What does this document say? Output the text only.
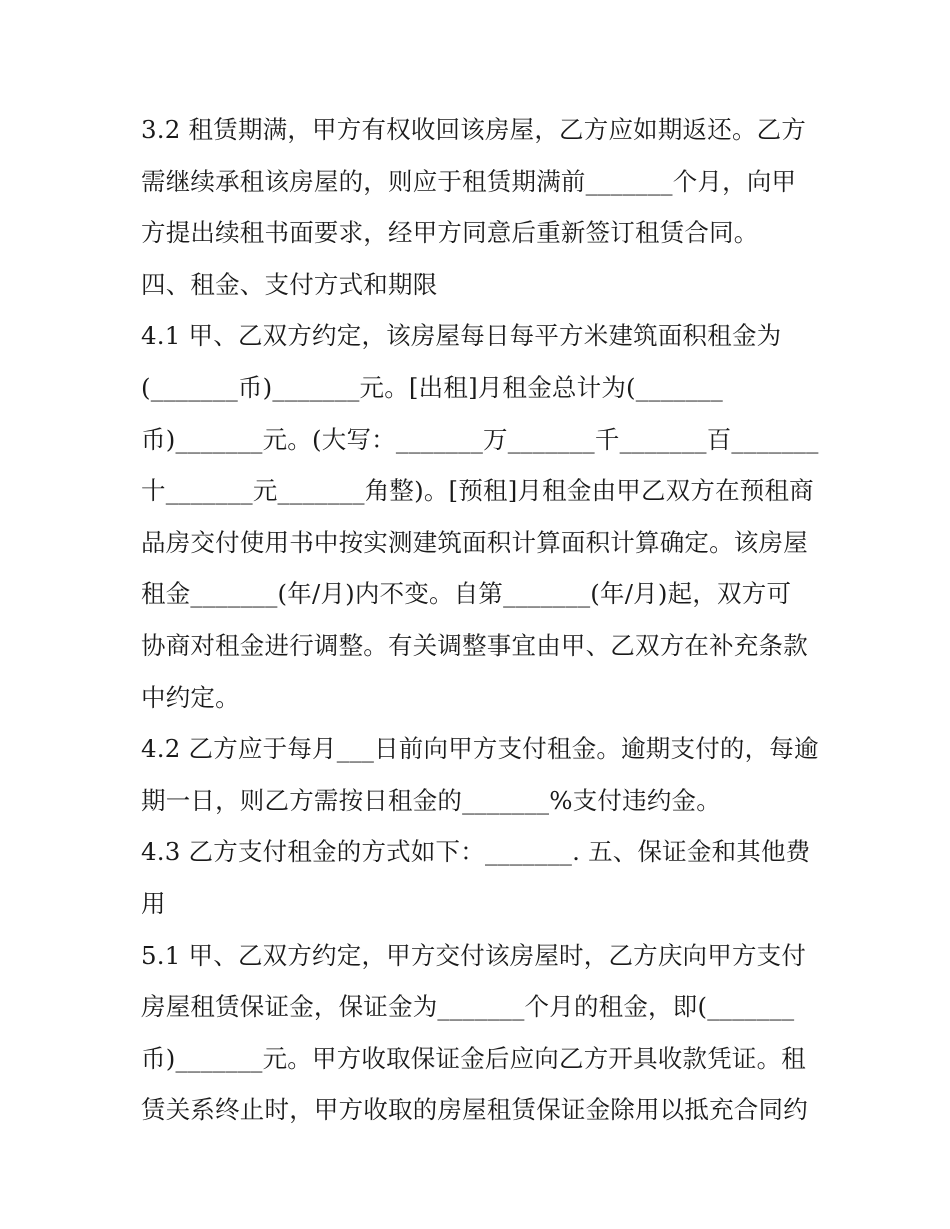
3.2 租赁期满，甲方有权收回该房屋，乙方应如期返还。乙方
需继续承租该房屋的，则应于租赁期满前_______个月，向甲
方提出续租书面要求，经甲方同意后重新签订租赁合同。
四、租金、支付方式和期限
4.1 甲、乙双方约定，该房屋每日每平方米建筑面积租金为
(_______币)_______元。[出租]月租金总计为(_______
币)_______元。(大写：_______万_______千_______百_______
十_______元_______角整)。[预租]月租金由甲乙双方在预租商
品房交付使用书中按实测建筑面积计算面积计算确定。该房屋
租金_______(年/月)内不变。自第_______(年/月)起，双方可
协商对租金进行调整。有关调整事宜由甲、乙双方在补充条款
中约定。
4.2 乙方应于每月___日前向甲方支付租金。逾期支付的，每逾
期一日，则乙方需按日租金的_______%支付违约金。
4.3 乙方支付租金的方式如下：_______. 五、保证金和其他费
用
5.1 甲、乙双方约定，甲方交付该房屋时，乙方庆向甲方支付
房屋租赁保证金，保证金为_______个月的租金，即(_______
币)_______元。甲方收取保证金后应向乙方开具收款凭证。租
赁关系终止时，甲方收取的房屋租赁保证金除用以抵充合同约
